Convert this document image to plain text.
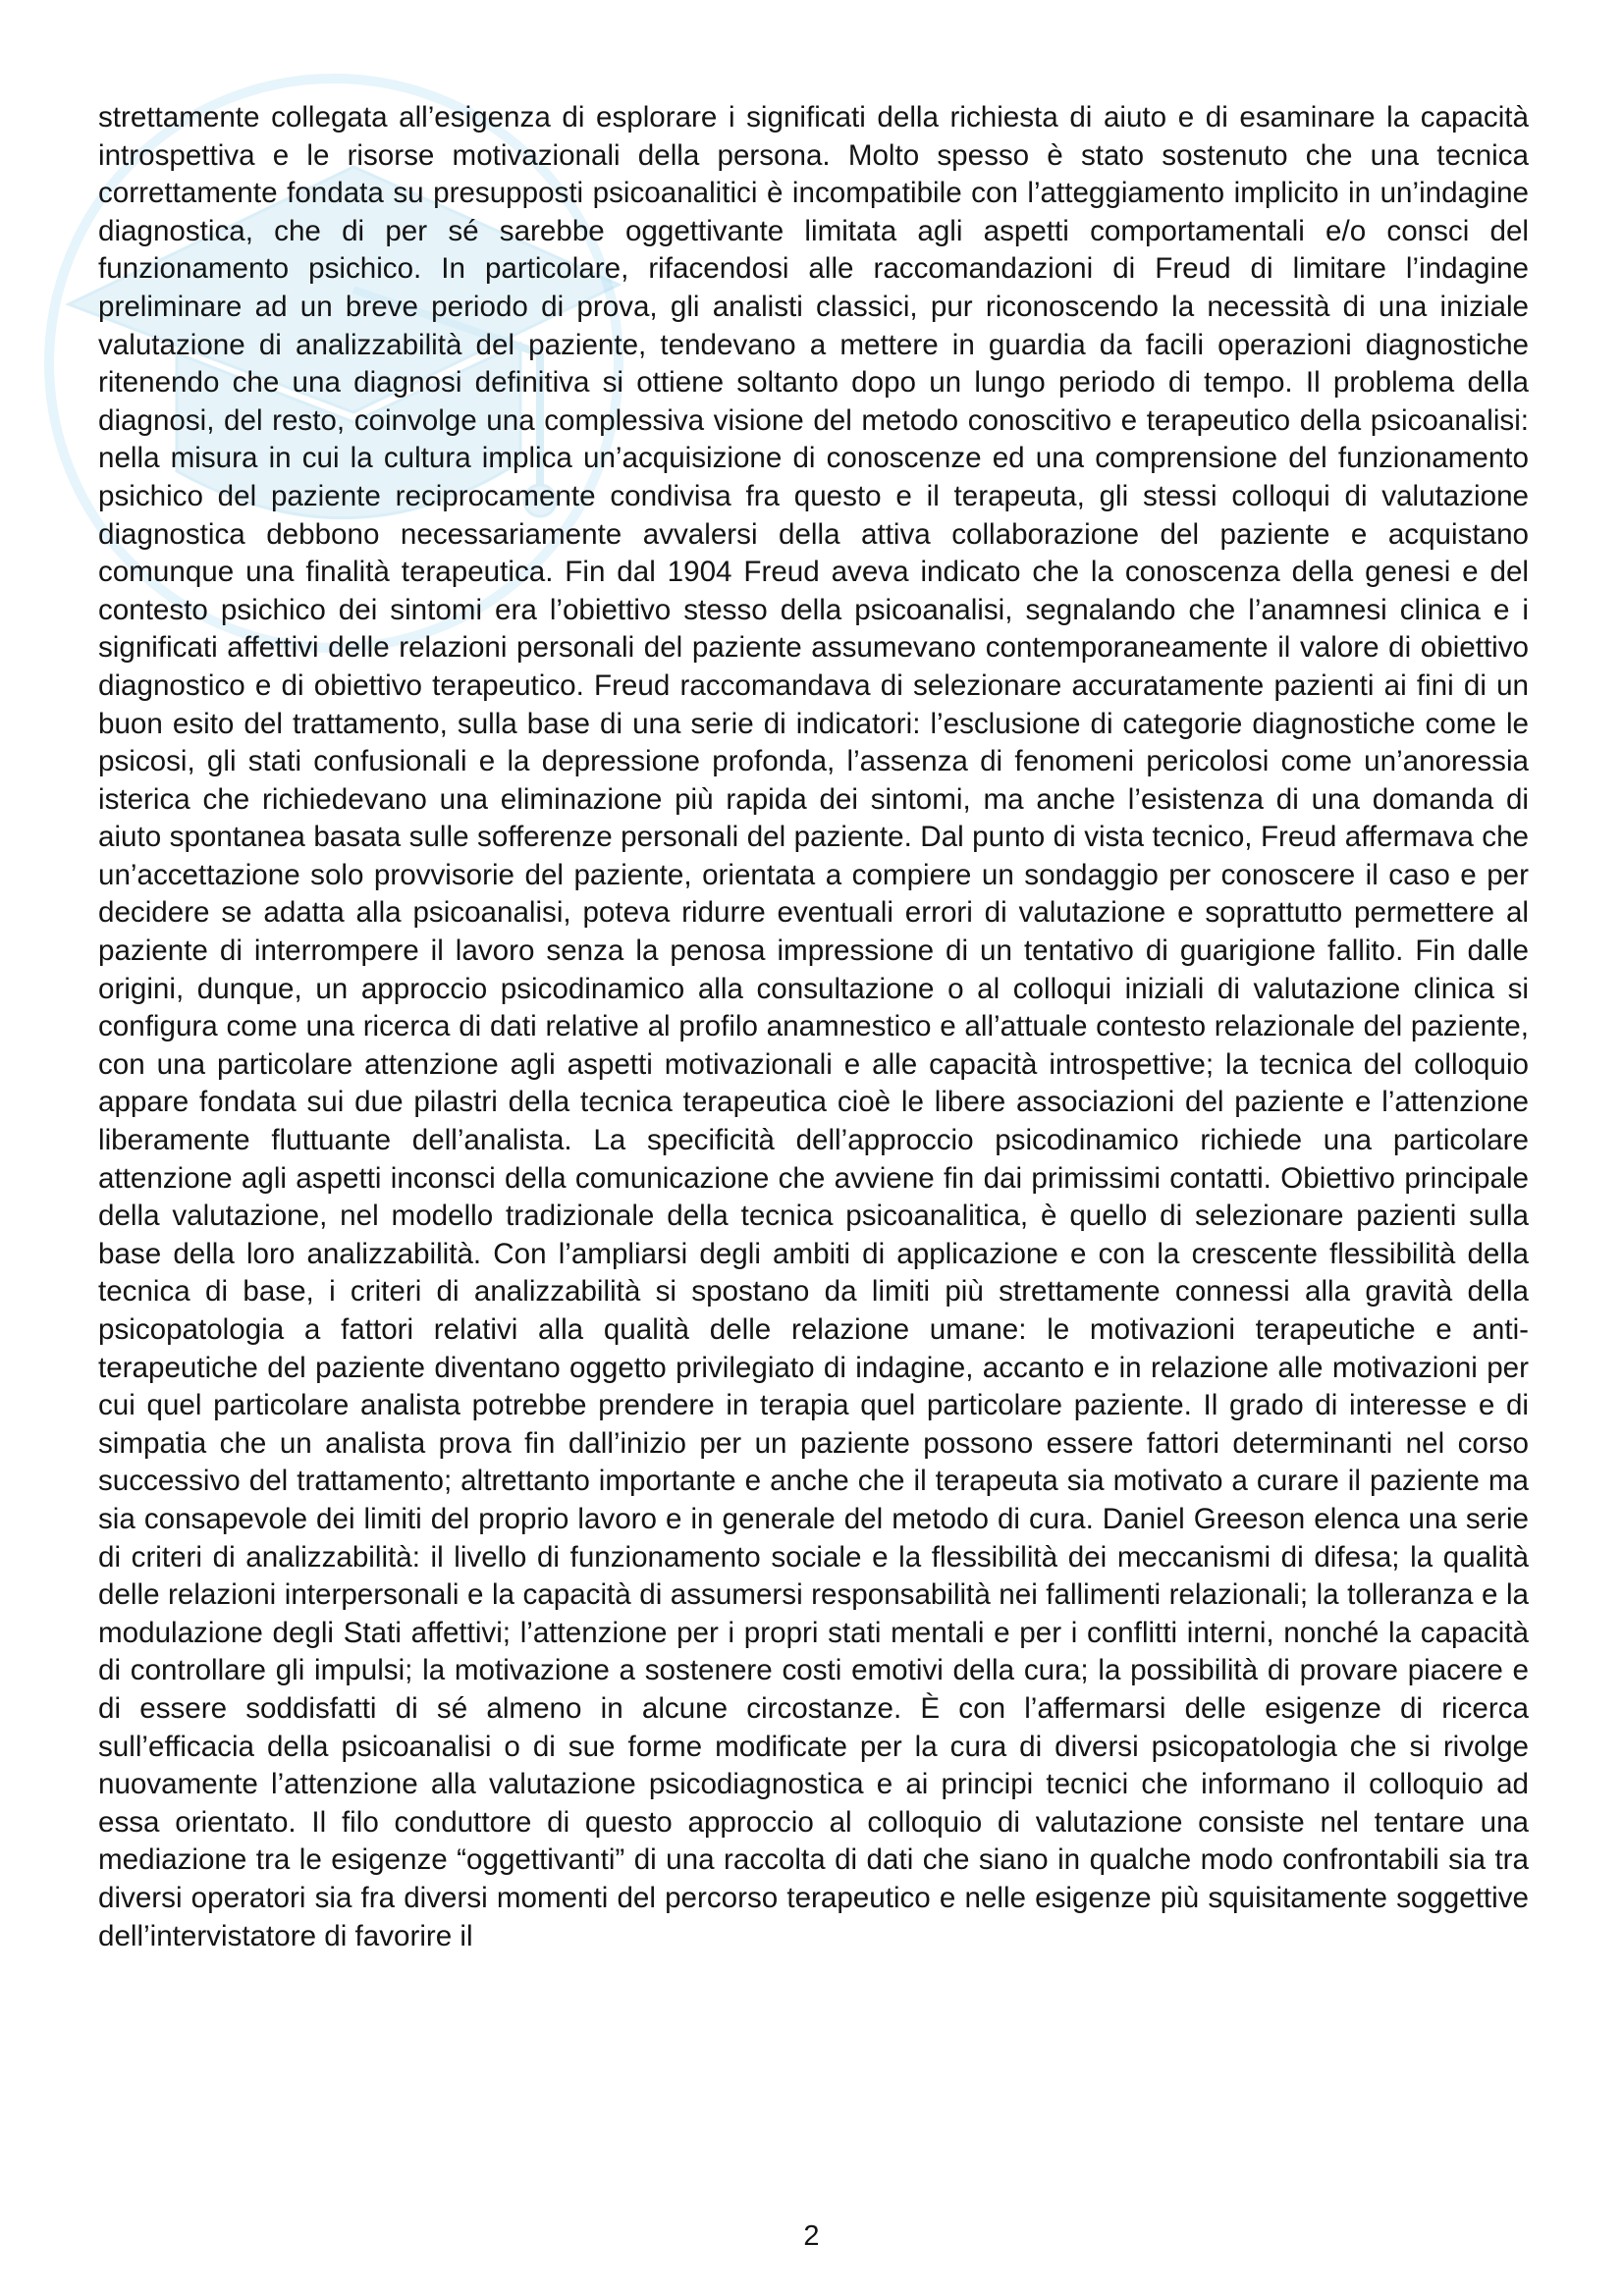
strettamente collegata all’esigenza di esplorare i significati della richiesta di aiuto e di esaminare la capacità introspettiva e le risorse motivazionali della persona. Molto spesso è stato sostenuto che una tecnica correttamente fondata su presupposti psicoanalitici è incompatibile con l’atteggiamento implicito in un’indagine diagnostica, che di per sé sarebbe oggettivante limitata agli aspetti comportamentali e/o consci del funzionamento psichico. In particolare, rifacendosi alle raccomandazioni di Freud di limitare l’indagine preliminare ad un breve periodo di prova, gli analisti classici, pur riconoscendo la necessità di una iniziale valutazione di analizzabilità del paziente, tendevano a mettere in guardia da facili operazioni diagnostiche ritenendo che una diagnosi definitiva si ottiene soltanto dopo un lungo periodo di tempo. Il problema della diagnosi, del resto, coinvolge una complessiva visione del metodo conoscitivo e terapeutico della psicoanalisi: nella misura in cui la cultura implica un’acquisizione di conoscenze ed una comprensione del funzionamento psichico del paziente reciprocamente condivisa fra questo e il terapeuta, gli stessi colloqui di valutazione diagnostica debbono necessariamente avvalersi della attiva collaborazione del paziente e acquistano comunque una finalità terapeutica. Fin dal 1904 Freud aveva indicato che la conoscenza della genesi e del contesto psichico dei sintomi era l’obiettivo stesso della psicoanalisi, segnalando che l’anamnesi clinica e i significati affettivi delle relazioni personali del paziente assumevano contemporaneamente il valore di obiettivo diagnostico e di obiettivo terapeutico. Freud raccomandava di selezionare accuratamente pazienti ai fini di un buon esito del trattamento, sulla base di una serie di indicatori: l’esclusione di categorie diagnostiche come le psicosi, gli stati confusionali e la depressione profonda, l’assenza di fenomeni pericolosi come un’anoressia isterica che richiedevano una eliminazione più rapida dei sintomi, ma anche l’esistenza di una domanda di aiuto spontanea basata sulle sofferenze personali del paziente. Dal punto di vista tecnico, Freud affermava che un’accettazione solo provvisorie del paziente, orientata a compiere un sondaggio per conoscere il caso e per decidere se adatta alla psicoanalisi, poteva ridurre eventuali errori di valutazione e soprattutto permettere al paziente di interrompere il lavoro senza la penosa impressione di un tentativo di guarigione fallito. Fin dalle origini, dunque, un approccio psicodinamico alla consultazione o al colloqui iniziali di valutazione clinica si configura come una ricerca di dati relative al profilo anamnestico e all’attuale contesto relazionale del paziente, con una particolare attenzione agli aspetti motivazionali e alle capacità introspettive; la tecnica del colloquio appare fondata sui due pilastri della tecnica terapeutica cioè le libere associazioni del paziente e l’attenzione liberamente fluttuante dell’analista. La specificità dell’approccio psicodinamico richiede una particolare attenzione agli aspetti inconsci della comunicazione che avviene fin dai primissimi contatti. Obiettivo principale della valutazione, nel modello tradizionale della tecnica psicoanalitica, è quello di selezionare pazienti sulla base della loro analizzabilità. Con l’ampliarsi degli ambiti di applicazione e con la crescente flessibilità della tecnica di base, i criteri di analizzabilità si spostano da limiti più strettamente connessi alla gravità della psicopatologia a fattori relativi alla qualità delle relazione umane: le motivazioni terapeutiche e anti-terapeutiche del paziente diventano oggetto privilegiato di indagine, accanto e in relazione alle motivazioni per cui quel particolare analista potrebbe prendere in terapia quel particolare paziente. Il grado di interesse e di simpatia che un analista prova fin dall’inizio per un paziente possono essere fattori determinanti nel corso successivo del trattamento; altrettanto importante e anche che il terapeuta sia motivato a curare il paziente ma sia consapevole dei limiti del proprio lavoro e in generale del metodo di cura. Daniel Greeson elenca una serie di criteri di analizzabilità: il livello di funzionamento sociale e la flessibilità dei meccanismi di difesa; la qualità delle relazioni interpersonali e la capacità di assumersi responsabilità nei fallimenti relazionali; la tolleranza e la modulazione degli Stati affettivi; l’attenzione per i propri stati mentali e per i conflitti interni, nonché la capacità di controllare gli impulsi; la motivazione a sostenere costi emotivi della cura; la possibilità di provare piacere e di essere soddisfatti di sé almeno in alcune circostanze. È con l’affermarsi delle esigenze di ricerca sull’efficacia della psicoanalisi o di sue forme modificate per la cura di diversi psicopatologia che si rivolge nuovamente l’attenzione alla valutazione psicodiagnostica e ai principi tecnici che informano il colloquio ad essa orientato. Il filo conduttore di questo approccio al colloquio di valutazione consiste nel tentare una mediazione tra le esigenze “oggettivanti” di una raccolta di dati che siano in qualche modo confrontabili sia tra diversi operatori sia fra diversi momenti del percorso terapeutico e nelle esigenze più squisitamente soggettive dell’intervistatore di favorire il

2
